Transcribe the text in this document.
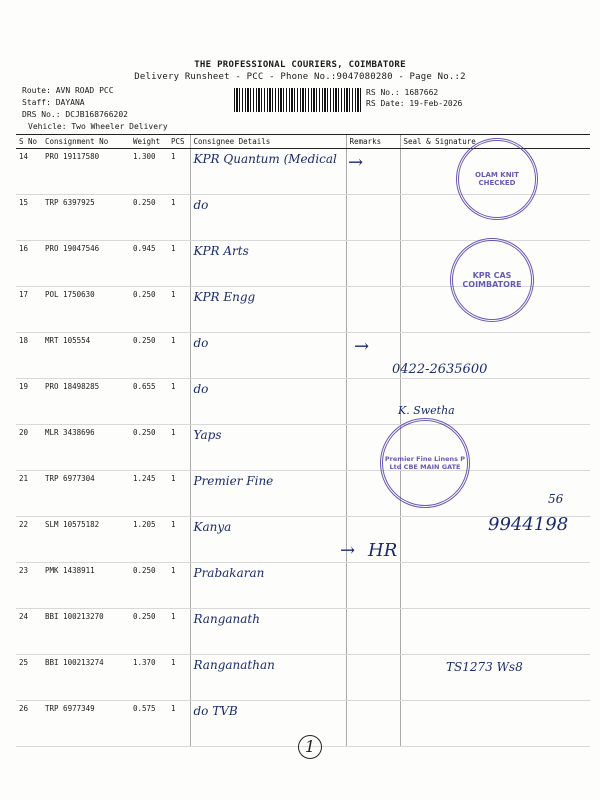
THE PROFESSIONAL COURIERS, COIMBATORE
Delivery Runsheet - PCC - Phone No.:9047080280 - Page No.:2
Route: AVN ROAD PCC
Staff: DAYANA
DRS No.: DCJB168766202
Vehicle: Two Wheeler Delivery
RS No.: 1687662
RS Date: 19-Feb-2026
S No	Consignment No	Weight	PCS	Consignee Details	Remarks	Seal & Signature
14	PRO 19117580	1.300	1	KPR Quantum (Medical		
15	TRP 6397925	0.250	1	do		
16	PRO 19047546	0.945	1	KPR Arts		
17	POL 1750630	0.250	1	KPR Engg		
18	MRT 105554	0.250	1	do		
19	PRO 18498285	0.655	1	do		
20	MLR 3438696	0.250	1	Yaps		
21	TRP 6977304	1.245	1	Premier Fine		
22	SLM 10575182	1.205	1	Kanya		
23	PMK 1438911	0.250	1	Prabakaran		
24	BBI 100213270	0.250	1	Ranganath		
25	BBI 100213274	1.370	1	Ranganathan		
26	TRP 6977349	0.575	1	do TVB		
OLAM KNIT CHECKED
KPR CAS COIMBATORE
Premier Fine Linens P Ltd CBE MAIN GATE
0422-2635600
K. Swetha
56
9944198
HR
TS1273 Ws8
1
→
→
→
